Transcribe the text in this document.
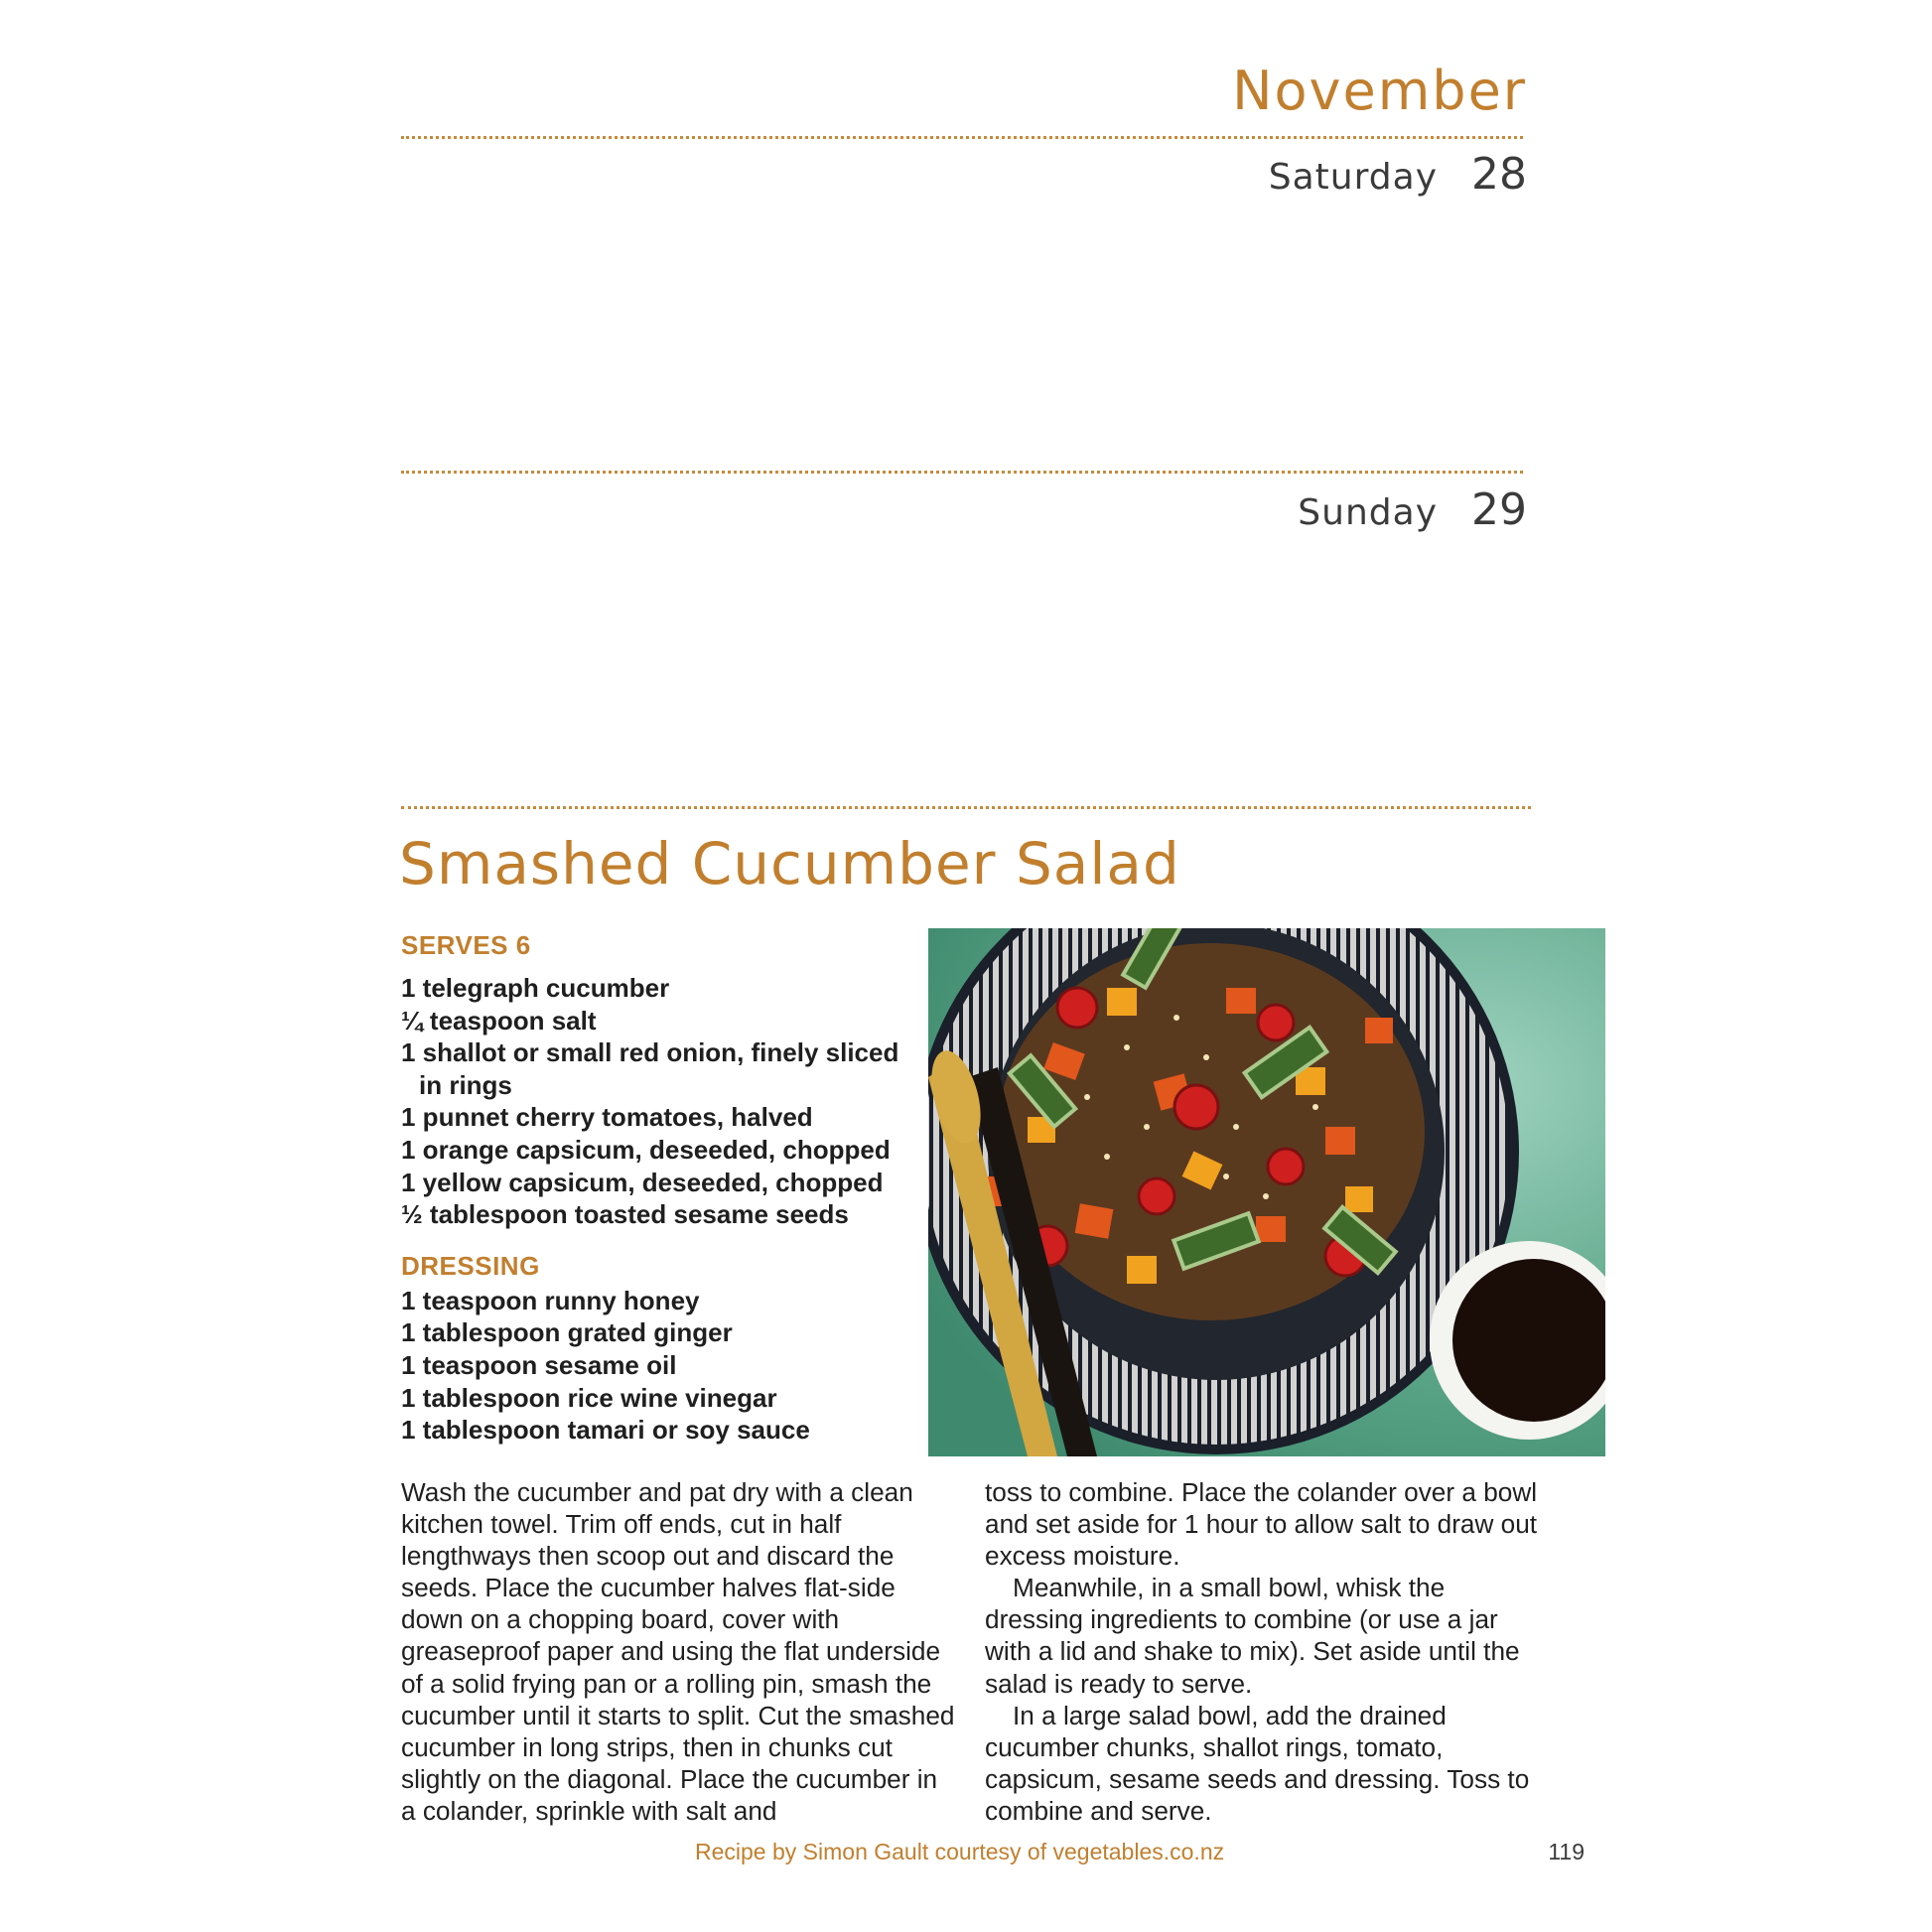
November
Saturday 28
Sunday 29
Smashed Cucumber Salad
SERVES 6
1 telegraph cucumber
¼ teaspoon salt
1 shallot or small red onion, finely sliced in rings
1 punnet cherry tomatoes, halved
1 orange capsicum, deseeded, chopped
1 yellow capsicum, deseeded, chopped
½ tablespoon toasted sesame seeds
DRESSING
1 teaspoon runny honey
1 tablespoon grated ginger
1 teaspoon sesame oil
1 tablespoon rice wine vinegar
1 tablespoon tamari or soy sauce

Wash the cucumber and pat dry with a clean kitchen towel. Trim off ends, cut in half lengthways then scoop out and discard the seeds. Place the cucumber halves flat-side down on a chopping board, cover with greaseproof paper and using the flat underside of a solid frying pan or a rolling pin, smash the cucumber until it starts to split. Cut the smashed cucumber in long strips, then in chunks cut slightly on the diagonal. Place the cucumber in a colander, sprinkle with salt and

toss to combine. Place the colander over a bowl and set aside for 1 hour to allow salt to draw out excess moisture.

Meanwhile, in a small bowl, whisk the dressing ingredients to combine (or use a jar with a lid and shake to mix). Set aside until the salad is ready to serve.

In a large salad bowl, add the drained cucumber chunks, shallot rings, tomato, capsicum, sesame seeds and dressing. Toss to combine and serve.

Recipe by Simon Gault courtesy of vegetables.co.nz	119
